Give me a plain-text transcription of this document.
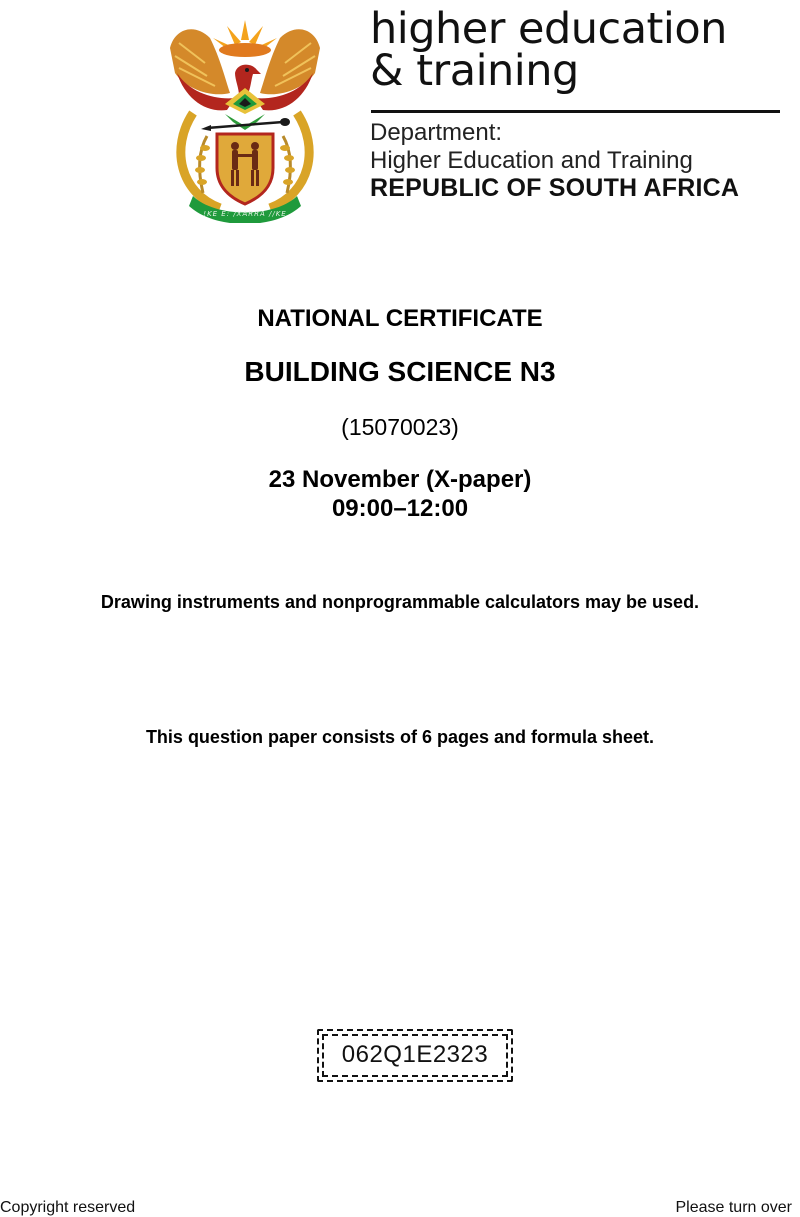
!KE E: /XARRA //KE
higher education
& training
Department:
Higher Education and Training
REPUBLIC OF SOUTH AFRICA
NATIONAL CERTIFICATE
BUILDING SCIENCE N3
(15070023)
23 November (X-paper)
09:00–12:00
Drawing instruments and nonprogrammable calculators may be used.
This question paper consists of 6 pages and formula sheet.
062Q1E2323
Copyright reserved	Please turn over
